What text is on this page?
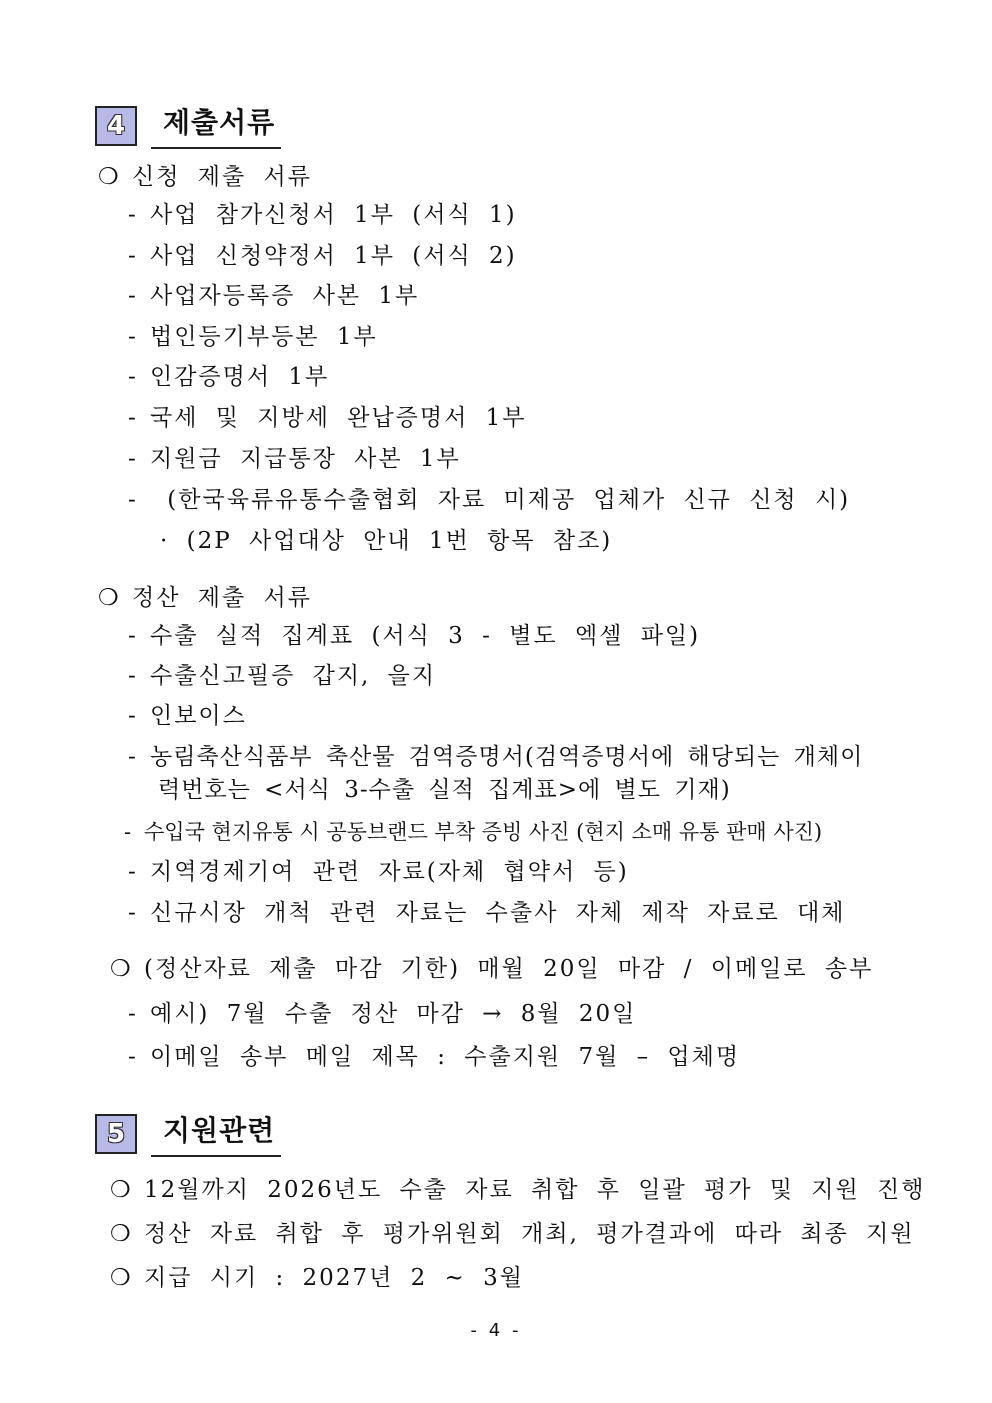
4	제출서류
❍ 신청 제출 서류
- 사업 참가신청서 1부 (서식 1)
- 사업 신청약정서 1부 (서식 2)
- 사업자등록증 사본 1부
- 법인등기부등본 1부
- 인감증명서 1부
- 국세 및 지방세 완납증명서 1부
- 지원금 지급통장 사본 1부
- (한국육류유통수출협회 자료 미제공 업체가 신규 신청 시)
· (2P 사업대상 안내 1번 항목 참조)
❍ 정산 제출 서류
- 수출 실적 집계표 (서식 3 - 별도 엑셀 파일)
- 수출신고필증 갑지, 을지
- 인보이스
- 농림축산식품부 축산물 검역증명서(검역증명서에 해당되는 개체이
력번호는 <서식 3-수출 실적 집계표>에 별도 기재)
- 수입국 현지유통 시 공동브랜드 부착 증빙 사진 (현지 소매 유통 판매 사진)
- 지역경제기여 관련 자료(자체 협약서 등)
- 신규시장 개척 관련 자료는 수출사 자체 제작 자료로 대체
❍ (정산자료 제출 마감 기한) 매월 20일 마감 / 이메일로 송부
- 예시) 7월 수출 정산 마감 → 8월 20일
- 이메일 송부 메일 제목 : 수출지원 7월 – 업체명
5	지원관련
❍ 12월까지 2026년도 수출 자료 취합 후 일괄 평가 및 지원 진행
❍ 정산 자료 취합 후 평가위원회 개최, 평가결과에 따라 최종 지원
❍ 지급 시기 : 2027년 2 ~ 3월
- 4 -
